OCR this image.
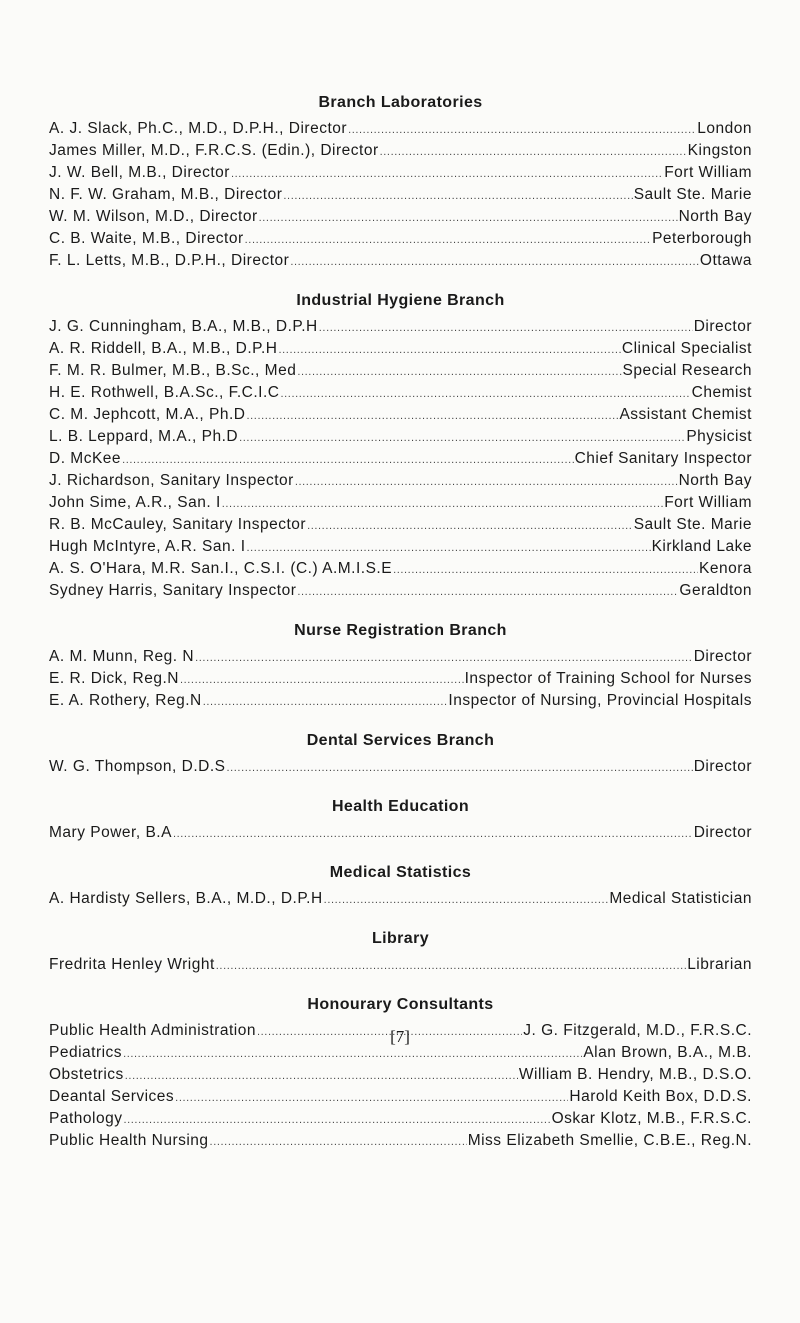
Branch Laboratories
A. J. Slack, Ph.C., M.D., D.P.H., Director .....	London
James Miller, M.D., F.R.C.S. (Edin.), Director .....	Kingston
J. W. Bell, M.B., Director .....	Fort William
N. F. W. Graham, M.B., Director .....	Sault Ste. Marie
W. M. Wilson, M.D., Director .....	North Bay
C. B. Waite, M.B., Director .....	Peterborough
F. L. Letts, M.B., D.P.H., Director .....	Ottawa
Industrial Hygiene Branch
J. G. Cunningham, B.A., M.B., D.P.H .....	Director
A. R. Riddell, B.A., M.B., D.P.H .....	Clinical Specialist
F. M. R. Bulmer, M.B., B.Sc., Med .....	Special Research
H. E. Rothwell, B.A.Sc., F.C.I.C .....	Chemist
C. M. Jephcott, M.A., Ph.D .....	Assistant Chemist
L. B. Leppard, M.A., Ph.D .....	Physicist
D. McKee .....	Chief Sanitary Inspector
J. Richardson, Sanitary Inspector .....	North Bay
John Sime, A.R., San. I .....	Fort William
R. B. McCauley, Sanitary Inspector .....	Sault Ste. Marie
Hugh McIntyre, A.R. San. I .....	Kirkland Lake
A. S. O'Hara, M.R. San.I., C.S.I. (C.) A.M.I.S.E .....	Kenora
Sydney Harris, Sanitary Inspector .....	Geraldton
Nurse Registration Branch
A. M. Munn, Reg. N .....	Director
E. R. Dick, Reg.N .....	Inspector of Training School for Nurses
E. A. Rothery, Reg.N .....	Inspector of Nursing, Provincial Hospitals
Dental Services Branch
W. G. Thompson, D.D.S .....	Director
Health Education
Mary Power, B.A .....	Director
Medical Statistics
A. Hardisty Sellers, B.A., M.D., D.P.H .....	Medical Statistician
Library
Fredrita Henley Wright .....	Librarian
Honourary Consultants
Public Health Administration .....	J. G. Fitzgerald, M.D., F.R.S.C.
Pediatrics .....	Alan Brown, B.A., M.B.
Obstetrics .....	William B. Hendry, M.B., D.S.O.
Deantal Services .....	Harold Keith Box, D.D.S.
Pathology .....	Oskar Klotz, M.B., F.R.S.C.
Public Health Nursing .....	Miss Elizabeth Smellie, C.B.E., Reg.N.
[7]
